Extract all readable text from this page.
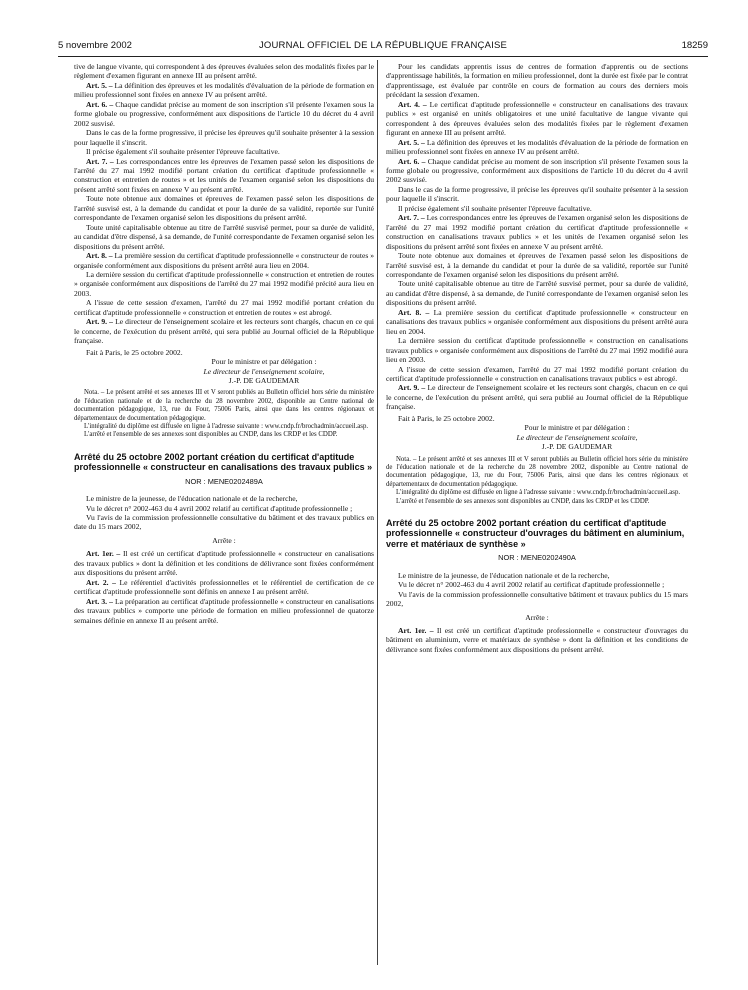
5 novembre 2002	JOURNAL OFFICIEL DE LA RÉPUBLIQUE FRANÇAISE	18259

tive de langue vivante, qui correspondent à des épreuves évaluées selon des modalités fixées par le règlement d'examen figurant en annexe III au présent arrêté.

Art. 5. – La définition des épreuves et les modalités d'évaluation de la période de formation en milieu professionnel sont fixées en annexe IV au présent arrêté.

Art. 6. – Chaque candidat précise au moment de son inscription s'il présente l'examen sous la forme globale ou progressive, conformément aux dispositions de l'article 10 du décret du 4 avril 2002 susvisé.

Dans le cas de la forme progressive, il précise les épreuves qu'il souhaite présenter à la session pour laquelle il s'inscrit.

Il précise également s'il souhaite présenter l'épreuve facultative.

Art. 7. – Les correspondances entre les épreuves de l'examen passé selon les dispositions de l'arrêté du 27 mai 1992 modifié portant création du certificat d'aptitude professionnelle « construction et entretien de routes » et les unités de l'examen organisé selon les dispositions du présent arrêté sont fixées en annexe V au présent arrêté.

Toute note obtenue aux domaines et épreuves de l'examen passé selon les dispositions de l'arrêté susvisé est, à la demande du candidat et pour la durée de sa validité, reportée sur l'unité correspondante de l'examen organisé selon les dispositions du présent arrêté.

Toute unité capitalisable obtenue au titre de l'arrêté susvisé permet, pour sa durée de validité, au candidat d'être dispensé, à sa demande, de l'unité correspondante de l'examen organisé selon les dispositions du présent arrêté.

Art. 8. – La première session du certificat d'aptitude professionnelle « constructeur de routes » organisée conformément aux dispositions du présent arrêté aura lieu en 2004.

La dernière session du certificat d'aptitude professionnelle « construction et entretien de routes » organisée conformément aux dispositions de l'arrêté du 27 mai 1992 modifié précité aura lieu en 2003.

A l'issue de cette session d'examen, l'arrêté du 27 mai 1992 modifié portant création du certificat d'aptitude professionnelle « construction et entretien de routes » est abrogé.

Art. 9. – Le directeur de l'enseignement scolaire et les recteurs sont chargés, chacun en ce qui le concerne, de l'exécution du présent arrêté, qui sera publié au Journal officiel de la République française.

Fait à Paris, le 25 octobre 2002.

Pour le ministre et par délégation :

Le directeur de l'enseignement scolaire,

J.-P. DE GAUDEMAR

Nota. – Le présent arrêté et ses annexes III et V seront publiés au Bulletin officiel hors série du ministère de l'éducation nationale et de la recherche du 28 novembre 2002, disponible au Centre national de documentation pédagogique, 13, rue du Four, 75006 Paris, ainsi que dans les centres régionaux et départementaux de documentation pédagogique.

L'intégralité du diplôme est diffusée en ligne à l'adresse suivante : www.cndp.fr/brochadmin/accueil.asp.

L'arrêté et l'ensemble de ses annexes sont disponibles au CNDP, dans les CRDP et les CDDP.

Arrêté du 25 octobre 2002 portant création du certificat d'aptitude professionnelle « constructeur en canalisations des travaux publics »
NOR : MENE0202489A

Le ministre de la jeunesse, de l'éducation nationale et de la recherche,

Vu le décret n° 2002-463 du 4 avril 2002 relatif au certificat d'aptitude professionnelle ;

Vu l'avis de la commission professionnelle consultative du bâtiment et des travaux publics en date du 15 mars 2002,

Arrête :

Art. 1er. – Il est créé un certificat d'aptitude professionnelle « constructeur en canalisations des travaux publics » dont la définition et les conditions de délivrance sont fixées conformément aux dispositions du présent arrêté.

Art. 2. – Le référentiel d'activités professionnelles et le référentiel de certification de ce certificat d'aptitude professionnelle sont définis en annexe I au présent arrêté.

Art. 3. – La préparation au certificat d'aptitude professionnelle « constructeur en canalisations des travaux publics » comporte une période de formation en milieu professionnel de quatorze semaines définie en annexe II au présent arrêté.

Pour les candidats apprentis issus de centres de formation d'apprentis ou de sections d'apprentissage habilités, la formation en milieu professionnel, dont la durée est fixée par le contrat d'apprentissage, est évaluée par contrôle en cours de formation au cours des derniers mois précédant la session d'examen.

Art. 4. – Le certificat d'aptitude professionnelle « constructeur en canalisations des travaux publics » est organisé en unités obligatoires et une unité facultative de langue vivante qui correspondent à des épreuves évaluées selon des modalités fixées par le règlement d'examen figurant en annexe III au présent arrêté.

Art. 5. – La définition des épreuves et les modalités d'évaluation de la période de formation en milieu professionnel sont fixées en annexe IV au présent arrêté.

Art. 6. – Chaque candidat précise au moment de son inscription s'il présente l'examen sous la forme globale ou progressive, conformément aux dispositions de l'article 10 du décret du 4 avril 2002 susvisé.

Dans le cas de la forme progressive, il précise les épreuves qu'il souhaite présenter à la session pour laquelle il s'inscrit.

Il précise également s'il souhaite présenter l'épreuve facultative.

Art. 7. – Les correspondances entre les épreuves de l'examen organisé selon les dispositions de l'arrêté du 27 mai 1992 modifié portant création du certificat d'aptitude professionnelle « construction en canalisations travaux publics » et les unités de l'examen organisé selon les dispositions du présent arrêté sont fixées en annexe V au présent arrêté.

Toute note obtenue aux domaines et épreuves de l'examen passé selon les dispositions de l'arrêté susvisé est, à la demande du candidat et pour la durée de sa validité, reportée sur l'unité correspondante de l'examen organisé selon les dispositions du présent arrêté.

Toute unité capitalisable obtenue au titre de l'arrêté susvisé permet, pour sa durée de validité, au candidat d'être dispensé, à sa demande, de l'unité correspondante de l'examen organisé selon les dispositions du présent arrêté.

Art. 8. – La première session du certificat d'aptitude professionnelle « constructeur en canalisations des travaux publics » organisée conformément aux dispositions du présent arrêté aura lieu en 2004.

La dernière session du certificat d'aptitude professionnelle « construction en canalisations travaux publics » organisée conformément aux dispositions de l'arrêté du 27 mai 1992 modifié aura lieu en 2003.

A l'issue de cette session d'examen, l'arrêté du 27 mai 1992 modifié portant création du certificat d'aptitude professionnelle « construction en canalisations travaux publics » est abrogé.

Art. 9. – Le directeur de l'enseignement scolaire et les recteurs sont chargés, chacun en ce qui le concerne, de l'exécution du présent arrêté, qui sera publié au Journal officiel de la République française.

Fait à Paris, le 25 octobre 2002.

Pour le ministre et par délégation :

Le directeur de l'enseignement scolaire,

J.-P. DE GAUDEMAR

Nota. – Le présent arrêté et ses annexes III et V seront publiés au Bulletin officiel hors série du ministère de l'éducation nationale et de la recherche du 28 novembre 2002, disponible au Centre national de documentation pédagogique, 13, rue du Four, 75006 Paris, ainsi que dans les centres régionaux et départementaux de documentation pédagogique.

L'intégralité du diplôme est diffusée en ligne à l'adresse suivante : www.cndp.fr/brochadmin/accueil.asp.

L'arrêté et l'ensemble de ses annexes sont disponibles au CNDP, dans les CRDP et les CDDP.

Arrêté du 25 octobre 2002 portant création du certificat d'aptitude professionnelle « constructeur d'ouvrages du bâtiment en aluminium, verre et matériaux de synthèse »
NOR : MENE0202490A

Le ministre de la jeunesse, de l'éducation nationale et de la recherche,

Vu le décret n° 2002-463 du 4 avril 2002 relatif au certificat d'aptitude professionnelle ;

Vu l'avis de la commission professionnelle consultative bâtiment et travaux publics du 15 mars 2002,

Arrête :

Art. 1er. – Il est créé un certificat d'aptitude professionnelle « constructeur d'ouvrages du bâtiment en aluminium, verre et matériaux de synthèse » dont la définition et les conditions de délivrance sont fixées conformément aux dispositions du présent arrêté.
